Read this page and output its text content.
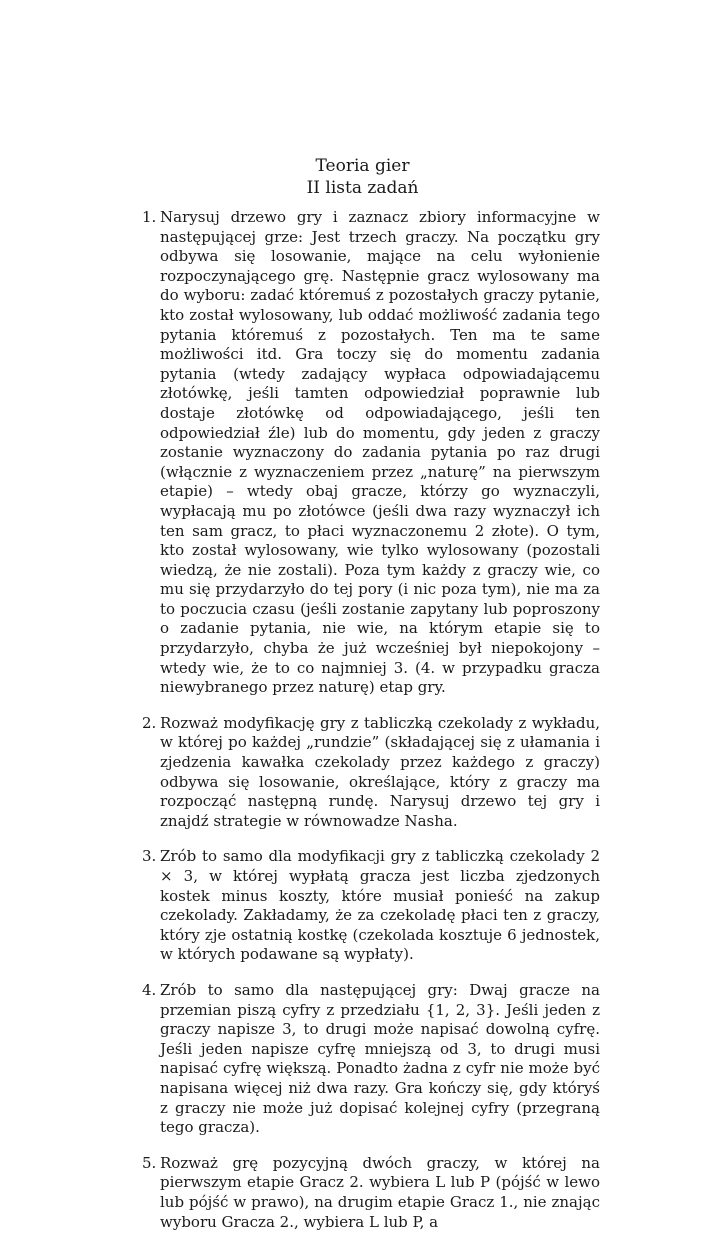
Teoria gier
II lista zadań
1. Narysuj drzewo gry i zaznacz zbiory informacyjne w następującej grze: Jest trzech graczy. Na początku gry odbywa się losowanie, mające na celu wyłonienie rozpoczynającego grę. Następnie gracz wylosowany ma do wyboru: zadać któremuś z pozostałych graczy pytanie, kto został wylosowany, lub oddać możliwość zadania tego pytania któremuś z pozostałych. Ten ma te same możliwości itd. Gra toczy się do momentu zadania pytania (wtedy zadający wypłaca odpowiadającemu złotówkę, jeśli tamten odpowiedział poprawnie lub dostaje złotówkę od odpowiadającego, jeśli ten odpowiedział źle) lub do momentu, gdy jeden z graczy zostanie wyznaczony do zadania pytania po raz drugi (włącznie z wyznaczeniem przez „naturę” na pierwszym etapie) – wtedy obaj gracze, którzy go wyznaczyli, wypłacają mu po złotówce (jeśli dwa razy wyznaczył ich ten sam gracz, to płaci wyznaczonemu 2 złote). O tym, kto został wylosowany, wie tylko wylosowany (pozostali wiedzą, że nie zostali). Poza tym każdy z graczy wie, co mu się przydarzyło do tej pory (i nic poza tym), nie ma za to poczucia czasu (jeśli zostanie zapytany lub poproszony o zadanie pytania, nie wie, na którym etapie się to przydarzyło, chyba że już wcześniej był niepokojony – wtedy wie, że to co najmniej 3. (4. w przypadku gracza niewybranego przez naturę) etap gry.
2. Rozważ modyfikację gry z tabliczką czekolady z wykładu, w której po każdej „rundzie” (składającej się z ułamania i zjedzenia kawałka czekolady przez każdego z graczy) odbywa się losowanie, określające, który z graczy ma rozpocząć następną rundę. Narysuj drzewo tej gry i znajdź strategie w równowadze Nasha.
3. Zrób to samo dla modyfikacji gry z tabliczką czekolady 2 × 3, w której wypłatą gracza jest liczba zjedzonych kostek minus koszty, które musiał ponieść na zakup czekolady. Zakładamy, że za czekoladę płaci ten z graczy, który zje ostatnią kostkę (czekolada kosztuje 6 jednostek, w których podawane są wypłaty).
4. Zrób to samo dla następującej gry: Dwaj gracze na przemian piszą cyfry z przedziału {1, 2, 3}. Jeśli jeden z graczy napisze 3, to drugi może napisać dowolną cyfrę. Jeśli jeden napisze cyfrę mniejszą od 3, to drugi musi napisać cyfrę większą. Ponadto żadna z cyfr nie może być napisana więcej niż dwa razy. Gra kończy się, gdy któryś z graczy nie może już dopisać kolejnej cyfry (przegraną tego gracza).
5. Rozważ grę pozycyjną dwóch graczy, w której na pierwszym etapie Gracz 2. wybiera L lub P (pójść w lewo lub pójść w prawo), na drugim etapie Gracz 1., nie znając wyboru Gracza 2., wybiera L lub P, a
